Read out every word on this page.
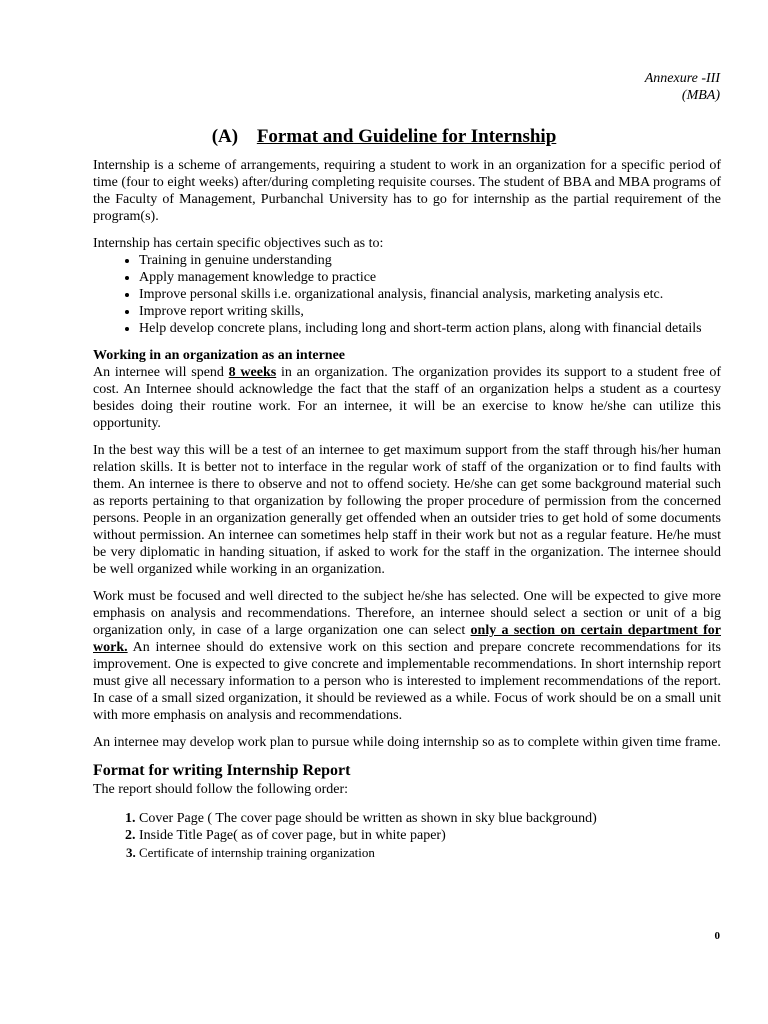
Annexure -III
(MBA)
(A) Format and Guideline for Internship

Internship is a scheme of arrangements, requiring a student to work in an organization for a specific period of time (four to eight weeks) after/during completing requisite courses. The student of BBA and MBA programs of the Faculty of Management, Purbanchal University has to go for internship as the partial requirement of the program(s).

Internship has certain specific objectives such as to:

• Training in genuine understanding
• Apply management knowledge to practice
• Improve personal skills i.e. organizational analysis, financial analysis, marketing analysis etc.
• Improve report writing skills,
• Help develop concrete plans, including long and short-term action plans, along with financial details

Working in an organization as an internee

An internee will spend 8 weeks in an organization. The organization provides its support to a student free of cost. An Internee should acknowledge the fact that the staff of an organization helps a student as a courtesy besides doing their routine work. For an internee, it will be an exercise to know he/she can utilize this opportunity.

In the best way this will be a test of an internee to get maximum support from the staff through his/her human relation skills. It is better not to interface in the regular work of staff of the organization or to find faults with them. An internee is there to observe and not to offend society. He/she can get some background material such as reports pertaining to that organization by following the proper procedure of permission from the concerned persons. People in an organization generally get offended when an outsider tries to get hold of some documents without permission. An internee can sometimes help staff in their work but not as a regular feature. He/he must be very diplomatic in handing situation, if asked to work for the staff in the organization. The internee should be well organized while working in an organization.

Work must be focused and well directed to the subject he/she has selected. One will be expected to give more emphasis on analysis and recommendations. Therefore, an internee should select a section or unit of a big organization only, in case of a large organization one can select only a section on certain department for work. An internee should do extensive work on this section and prepare concrete recommendations for its improvement. One is expected to give concrete and implementable recommendations. In short internship report must give all necessary information to a person who is interested to implement recommendations of the report. In case of a small sized organization, it should be reviewed as a while. Focus of work should be on a small unit with more emphasis on analysis and recommendations.

An internee may develop work plan to pursue while doing internship so as to complete within given time frame.

Format for writing Internship Report

The report should follow the following order:

1. Cover Page ( The cover page should be written as shown in sky blue background)
2. Inside Title Page( as of cover page, but in white paper)
3. Certificate of internship training organization
0
